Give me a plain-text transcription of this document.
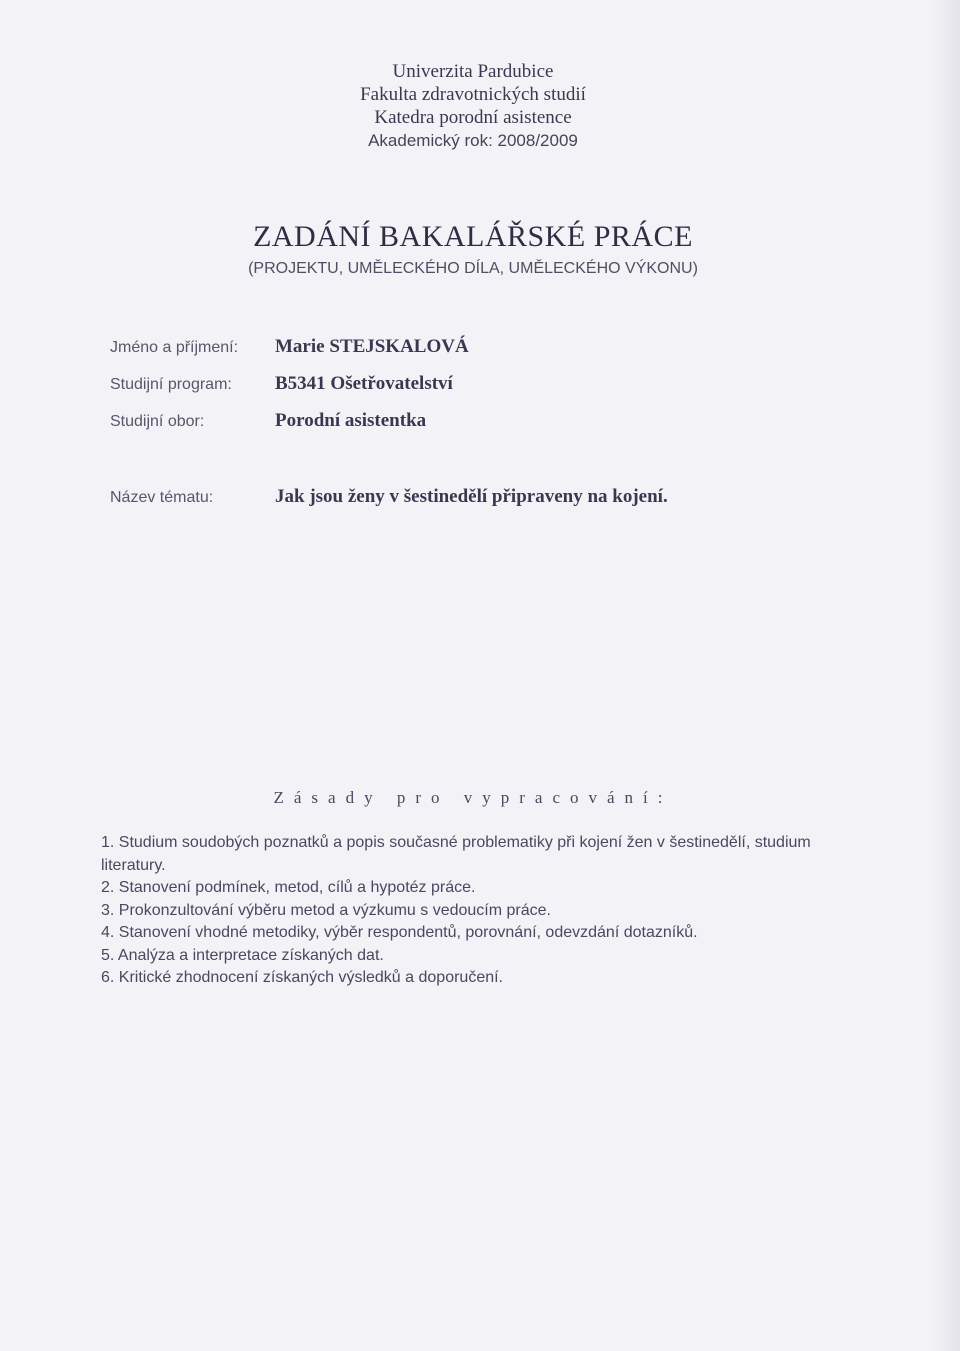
Univerzita Pardubice
Fakulta zdravotnických studií
Katedra porodní asistence
Akademický rok: 2008/2009
ZADÁNÍ BAKALÁŘSKÉ PRÁCE
(PROJEKTU, UMĚLECKÉHO DÍLA, UMĚLECKÉHO VÝKONU)
Jméno a příjmení:	Marie STEJSKALOVÁ
Studijní program:	B5341 Ošetřovatelství
Studijní obor:	Porodní asistentka
Název tématu:	Jak jsou ženy v šestinedělí připraveny na kojení.
Zásady pro vypracování:
1. Studium soudobých poznatků a popis současné problematiky při kojení žen v šestinedělí, studium literatury.
2. Stanovení podmínek, metod, cílů a hypotéz práce.
3. Prokonzultování výběru metod a výzkumu s vedoucím práce.
4. Stanovení vhodné metodiky, výběr respondentů, porovnání, odevzdání dotazníků.
5. Analýza a interpretace získaných dat.
6. Kritické zhodnocení získaných výsledků a doporučení.
